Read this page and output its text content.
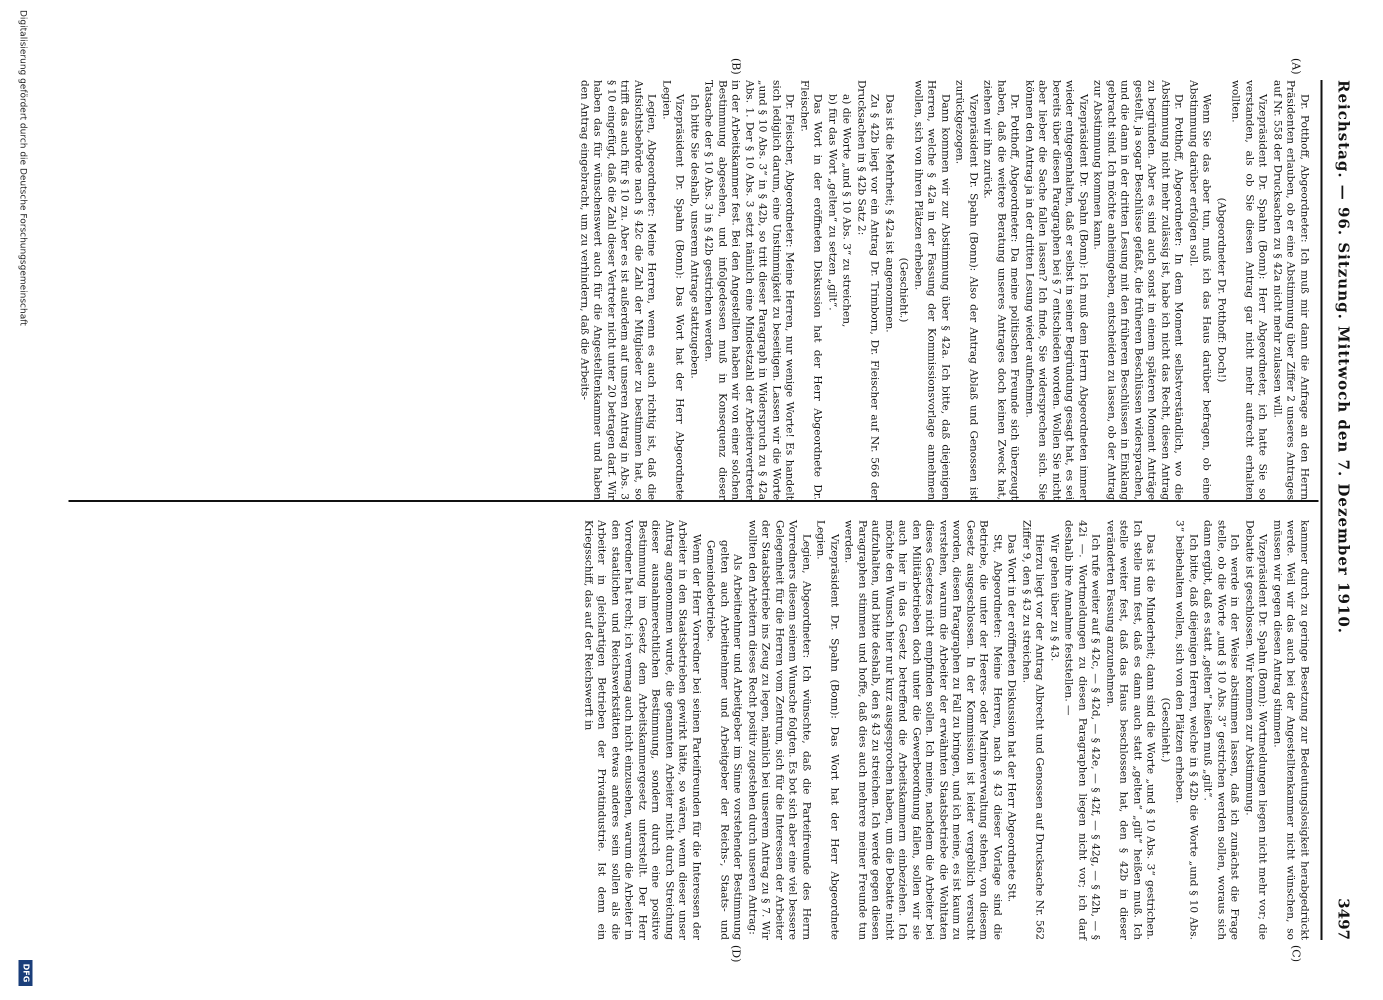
Reichstag. — 96. Sitzung. Mittwoch den 7. Dezember 1910.
3497
(A)
(B)
(C)
(D)

Dr. Potthoff, Abgeordneter: Ich muß mir dann die Anfrage an den Herrn Präsidenten erlauben, ob er eine Abstimmung über Ziffer 2 unseres Antrages auf Nr. 558 der Drucksachen zu § 42a nicht mehr zulassen will.

Vizepräsident Dr. Spahn (Bonn): Herr Abgeordneter, ich hatte Sie so verstanden, als ob Sie diesen Antrag gar nicht mehr aufrecht erhalten wollten.

(Abgeordneter Dr. Potthoff: Doch!)

Wenn Sie das aber tun, muß ich das Haus darüber befragen, ob eine Abstimmung darüber erfolgen soll.

Dr. Potthoff, Abgeordneter: In dem Moment selbstverständlich, wo die Abstimmung nicht mehr zulässig ist, habe ich nicht das Recht, diesen Antrag zu begründen. Aber es sind auch sonst in einem späteren Moment Anträge gestellt, ja sogar Beschlüsse gefaßt, die früheren Beschlüssen widersprachen, und die dann in der dritten Lesung mit den früheren Beschlüssen in Einklang gebracht sind. Ich möchte anheimgeben, entscheiden zu lassen, ob der Antrag zur Abstimmung kommen kann.

Vizepräsident Dr. Spahn (Bonn): Ich muß dem Herrn Abgeordneten immer wieder entgegenhalten, daß er selbst in seiner Begründung gesagt hat, es sei bereits über diesen Paragraphen bei § 7 entschieden worden. Wollen Sie nicht aber lieber die Sache fallen lassen? Ich finde, Sie widersprechen sich. Sie können den Antrag ja in der dritten Lesung wieder aufnehmen.

Dr. Potthoff, Abgeordneter: Da meine politischen Freunde sich überzeugt haben, daß die weitere Beratung unseres Antrages doch keinen Zweck hat, ziehen wir ihn zurück.

Vizepräsident Dr. Spahn (Bonn): Also der Antrag Ablaß und Genossen ist zurückgezogen.

Dann kommen wir zur Abstimmung über § 42a. Ich bitte, daß diejenigen Herren, welche § 42a in der Fassung der Kommissionsvorlage annehmen wollen, sich von ihren Plätzen erheben.

(Geschieht.)

Das ist die Mehrheit; § 42a ist angenommen.

Zu § 42b liegt vor ein Antrag Dr. Trimborn, Dr. Fleischer auf Nr. 566 der Drucksachen in § 42b Satz 2:

a) die Worte „und § 10 Abs. 3“ zu streichen,

b) für das Wort „gelten“ zu setzen „gilt“.

Das Wort in der eröffneten Diskussion hat der Herr Abgeordnete Dr. Fleischer.

Dr. Fleischer, Abgeordneter: Meine Herren, nur wenige Worte! Es handelt sich lediglich darum, eine Unstimmigkeit zu beseitigen. Lassen wir die Worte „und § 10 Abs. 3“ in § 42b, so tritt dieser Paragraph in Widerspruch zu § 42a Abs. 1. Der § 10 Abs. 3 setzt nämlich eine Mindestzahl der Arbeitervertreter in der Arbeitskammer fest. Bei den Angestellten haben wir von einer solchen Bestimmung abgesehen, und infolgedessen muß in Konsequenz dieser Tatsache der § 10 Abs. 3 in § 42b gestrichen werden.

Ich bitte Sie deshalb, unserem Antrage stattzugeben.

Vizepräsident Dr. Spahn (Bonn): Das Wort hat der Herr Abgeordnete Legien.

Legien, Abgeordneter: Meine Herren, wenn es auch richtig ist, daß die Aufsichtsbehörde nach § 42c die Zahl der Mitglieder zu bestimmen hat, so trifft das auch für § 10 zu. Aber es ist außerdem auf unseren Antrag in Abs. 3 § 10 eingefügt, daß die Zahl dieser Vertreter nicht unter 20 betragen darf. Wir haben das für wünschenswert auch für die Angestelltenkammer und haben den Antrag eingebracht, um zu verhindern, daß die Arbeits-

kammer durch zu geringe Besetzung zur Bedeutungslosigkeit herabgedrückt werde. Weil wir das auch bei der Angestelltenkammer nicht wünschen, so müssen wir gegen diesen Antrag stimmen.

Vizepräsident Dr. Spahn (Bonn): Wortmeldungen liegen nicht mehr vor; die Debatte ist geschlossen. Wir kommen zur Abstimmung.

Ich werde in der Weise abstimmen lassen, daß ich zunächst die Frage stelle, ob die Worte „und § 10 Abs. 3“ gestrichen werden sollen, woraus sich dann ergibt, daß es statt „gelten“ heißen muß „gilt“.

Ich bitte, daß diejenigen Herren, welche in § 42b die Worte „und § 10 Abs. 3“ beibehalten wollen, sich von den Plätzen erheben.

(Geschieht.)

Das ist die Minderheit; dann sind die Worte „und § 10 Abs. 3“ gestrichen. Ich stelle nun fest, daß es dann auch statt „gelten“ „gilt“ heißen muß. Ich stelle weiter fest, daß das Haus beschlossen hat, den § 42b in dieser veränderten Fassung anzunehmen.

Ich rufe weiter auf § 42c, — § 42d, — § 42e, — § 42f, — § 42g, — § 42h, — § 42i —. Wortmeldungen zu diesen Paragraphen liegen nicht vor; ich darf deshalb ihre Annahme feststellen. —

Wir gehen über zu § 43.

Hierzu liegt vor der Antrag Albrecht und Genossen auf Drucksache Nr. 562 Ziffer 9, den § 43 zu streichen.

Das Wort in der eröffneten Diskussion hat der Herr Abgeordnete Stt.

Stt, Abgeordneter: Meine Herren, nach § 43 dieser Vorlage sind die Betriebe, die unter der Heeres- oder Marineverwaltung stehen, von diesem Gesetz ausgeschlossen. In der Kommission ist leider vergeblich versucht worden, diesen Paragraphen zu Fall zu bringen, und ich meine, es ist kaum zu verstehen, warum die Arbeiter der erwähnten Staatsbetriebe die Wohltaten dieses Gesetzes nicht empfinden sollen. Ich meine, nachdem die Arbeiter bei den Militärbetrieben doch unter die Gewerbeordnung fallen, sollen wir sie auch hier in das Gesetz betreffend die Arbeitskammern einbeziehen. Ich möchte den Wunsch hier nur kurz ausgesprochen haben, um die Debatte nicht aufzuhalten, und bitte deshalb, den § 43 zu streichen. Ich werde gegen diesen Paragraphen stimmen und hoffe, daß dies auch mehrere meiner Freunde tun werden.

Vizepräsident Dr. Spahn (Bonn): Das Wort hat der Herr Abgeordnete Legien.

Legien, Abgeordneter: Ich wünschte, daß die Parteifreunde des Herrn Vorredners diesem seinem Wunsche folgten. Es bot sich aber eine viel bessere Gelegenheit für die Herren vom Zentrum, sich für die Interessen der Arbeiter der Staatsbetriebe ins Zeug zu legen, nämlich bei unserem Antrag zu § 7. Wir wollten den Arbeitern dieses Recht positiv zugestehen durch unseren Antrag:

Als Arbeitnehmer und Arbeitgeber im Sinne vorstehender Bestimmung gelten auch Arbeitnehmer und Arbeitgeber der Reichs-, Staats- und Gemeindebetriebe.

Wenn der Herr Vorredner bei seinen Parteifreunden für die Interessen der Arbeiter in den Staatsbetrieben gewirkt hätte, so wären, wenn dieser unser Antrag angenommen wurde, die genannten Arbeiter nicht durch Streichung dieser ausnahmerechtlichen Bestimmung, sondern durch eine positive Bestimmung im Gesetz dem Arbeitskammergesetz unterstellt. Der Herr Vorredner hat recht; ich vermag auch nicht einzusehen, warum die Arbeiter in den staatlichen und Reichswerkstätten etwas anderes sein sollen als die Arbeiter in gleichartigen Betrieben der Privatindustrie. Ist denn ein Kriegsschiff, das auf der Reichswerft in

Digitalisierung gefördert durch die Deutsche Forschungsgemeinschaft
DFG
